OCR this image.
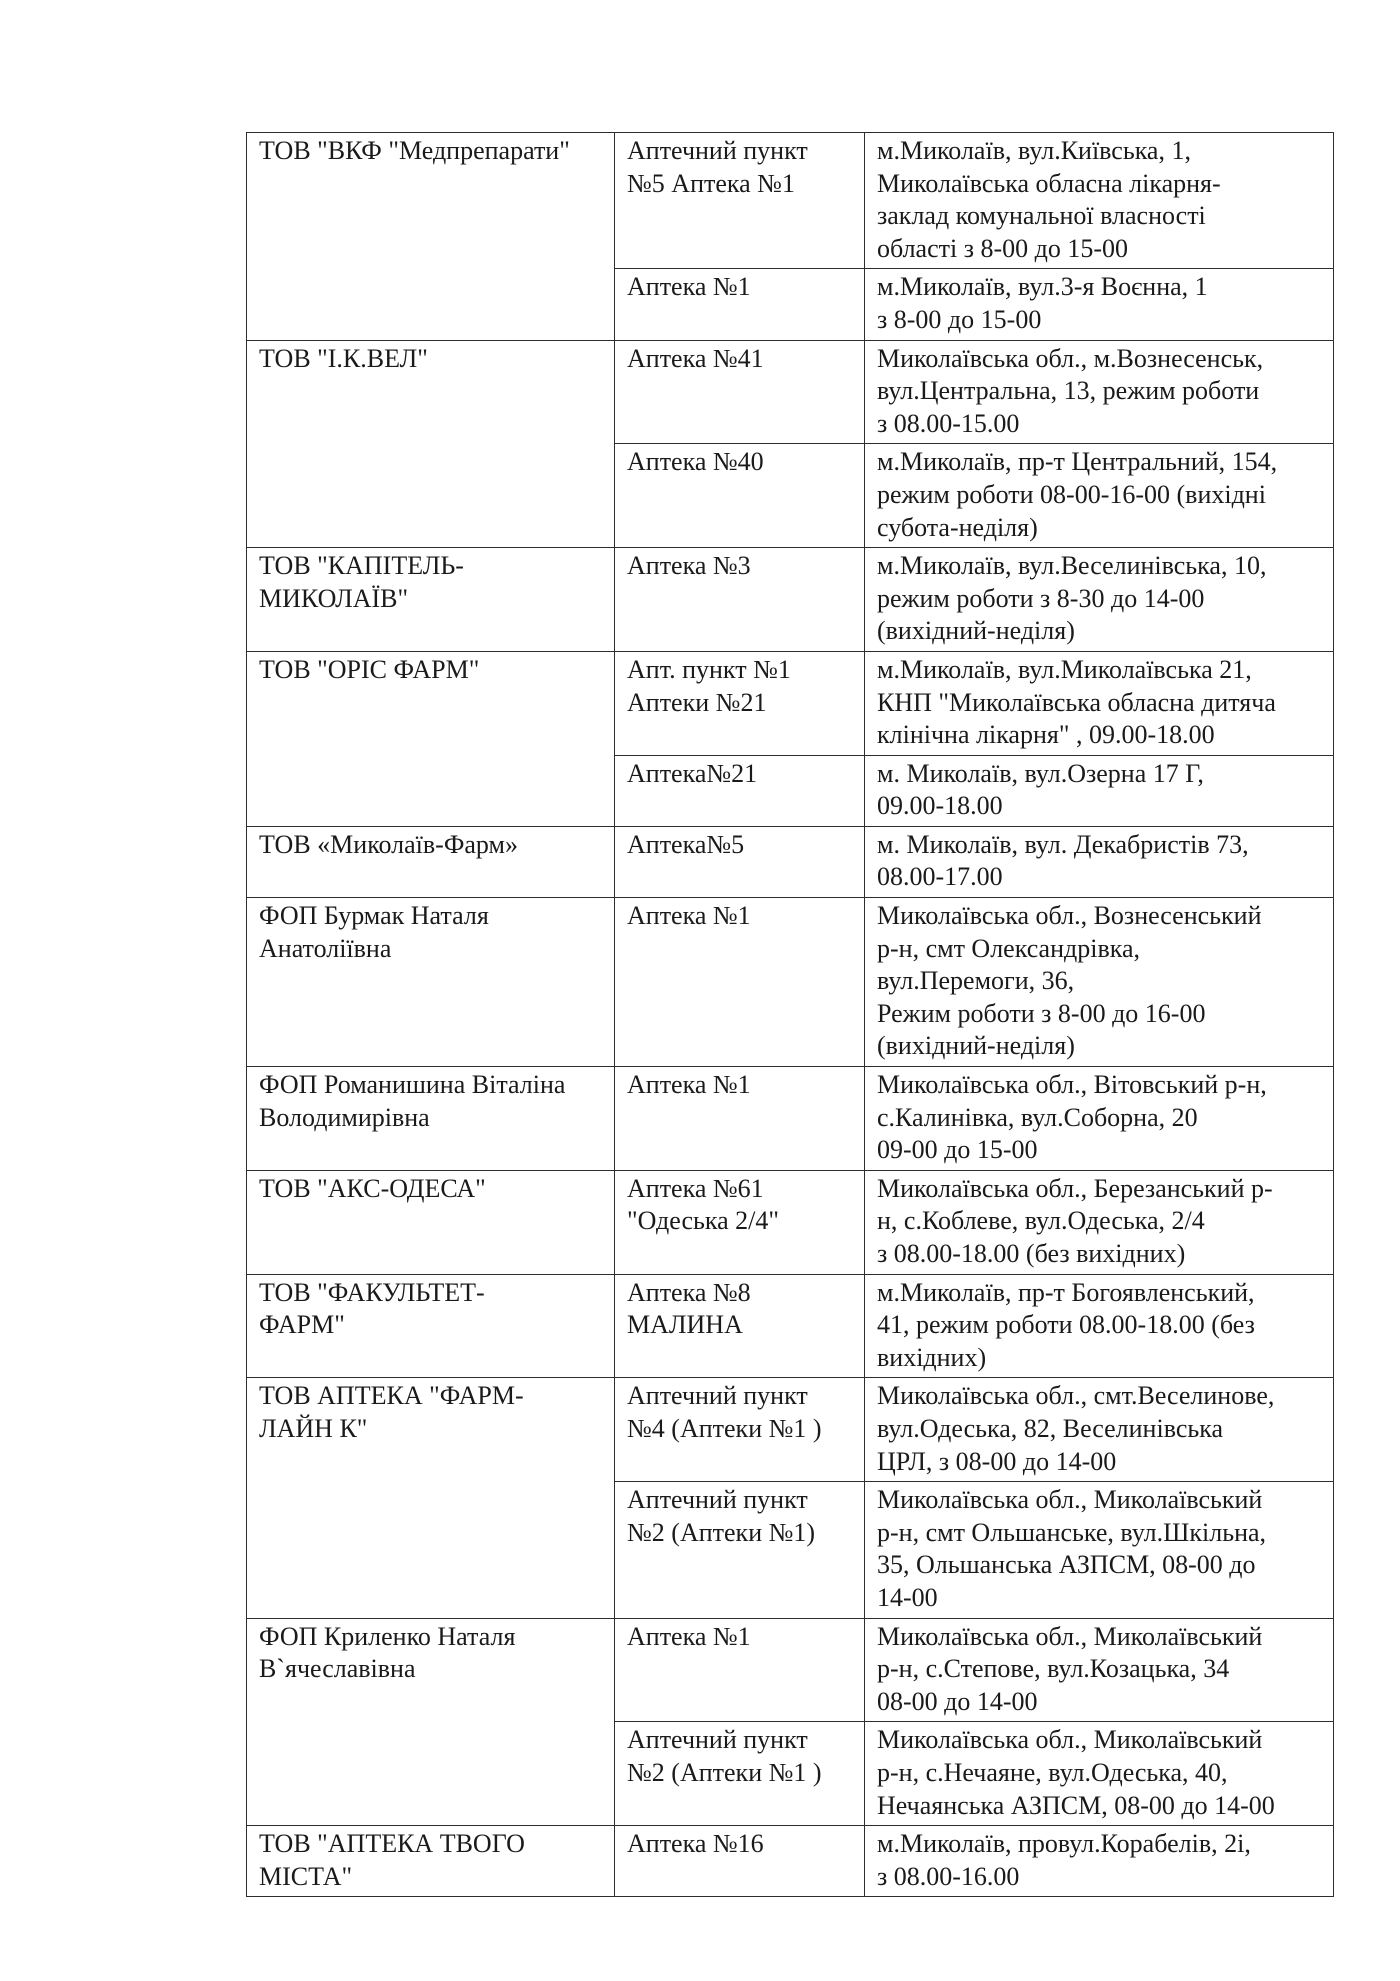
ТОВ "ВКФ "Медпрепарати"	Аптечний пункт
№5 Аптека №1	м.Миколаїв, вул.Київська, 1,
Миколаївська обласна лікарня-
заклад комунальної власності
області з 8-00 до 15-00
	Аптека №1	м.Миколаїв, вул.3-я Воєнна, 1
з 8-00 до 15-00
ТОВ "І.К.ВЕЛ"	Аптека №41	Миколаївська обл., м.Вознесенськ,
вул.Центральна, 13, режим роботи
з 08.00-15.00
	Аптека №40	м.Миколаїв, пр-т Центральний, 154,
режим роботи 08-00-16-00 (вихідні
субота-неділя)
ТОВ "КАПІТЕЛЬ-
МИКОЛАЇВ"	Аптека №3	м.Миколаїв, вул.Веселинівська, 10,
режим роботи з 8-30 до 14-00
(вихідний-неділя)
ТОВ "ОРІС ФАРМ"	Апт. пункт №1
Аптеки №21	м.Миколаїв, вул.Миколаївська 21,
КНП "Миколаївська обласна дитяча
клінічна лікарня" , 09.00-18.00
	Аптека№21	м. Миколаїв, вул.Озерна 17 Г,
09.00-18.00
ТОВ «Миколаїв-Фарм»	Аптека№5	м. Миколаїв, вул. Декабристів 73,
08.00-17.00
ФОП Бурмак Наталя
Анатоліївна	Аптека №1	Миколаївська обл., Вознесенський
р-н, смт Олександрівка,
вул.Перемоги, 36,
Режим роботи з 8-00 до 16-00
(вихідний-неділя)
ФОП Романишина Віталіна
Володимирівна	Аптека №1	Миколаївська обл., Вітовський р-н,
с.Калинівка, вул.Соборна, 20
09-00 до 15-00
ТОВ "АКС-ОДЕСА"	Аптека №61
"Одеська 2/4"	Миколаївська обл., Березанський р-
н, с.Коблеве, вул.Одеська, 2/4
з 08.00-18.00 (без вихідних)
ТОВ "ФАКУЛЬТЕТ-
ФАРМ"	Аптека №8
МАЛИНА	м.Миколаїв, пр-т Богоявленський,
41, режим роботи 08.00-18.00 (без
вихідних)
ТОВ АПТЕКА "ФАРМ-
ЛАЙН К"	Аптечний пункт
№4 (Аптеки №1 )	Миколаївська обл., смт.Веселинове,
вул.Одеська, 82, Веселинівська
ЦРЛ, з 08-00 до 14-00
	Аптечний пункт
№2 (Аптеки №1)	Миколаївська обл., Миколаївський
р-н, смт Ольшанське, вул.Шкільна,
35, Ольшанська АЗПСМ, 08-00 до
14-00
ФОП Криленко Наталя
В`ячеславівна	Аптека №1	Миколаївська обл., Миколаївський
р-н, с.Степове, вул.Козацька, 34
08-00 до 14-00
	Аптечний пункт
№2 (Аптеки №1 )	Миколаївська обл., Миколаївський
р-н, с.Нечаяне, вул.Одеська, 40,
Нечаянська АЗПСМ, 08-00 до 14-00
ТОВ "АПТЕКА ТВОГО
МІСТА"	Аптека №16	м.Миколаїв, провул.Корабелів, 2і,
з 08.00-16.00
